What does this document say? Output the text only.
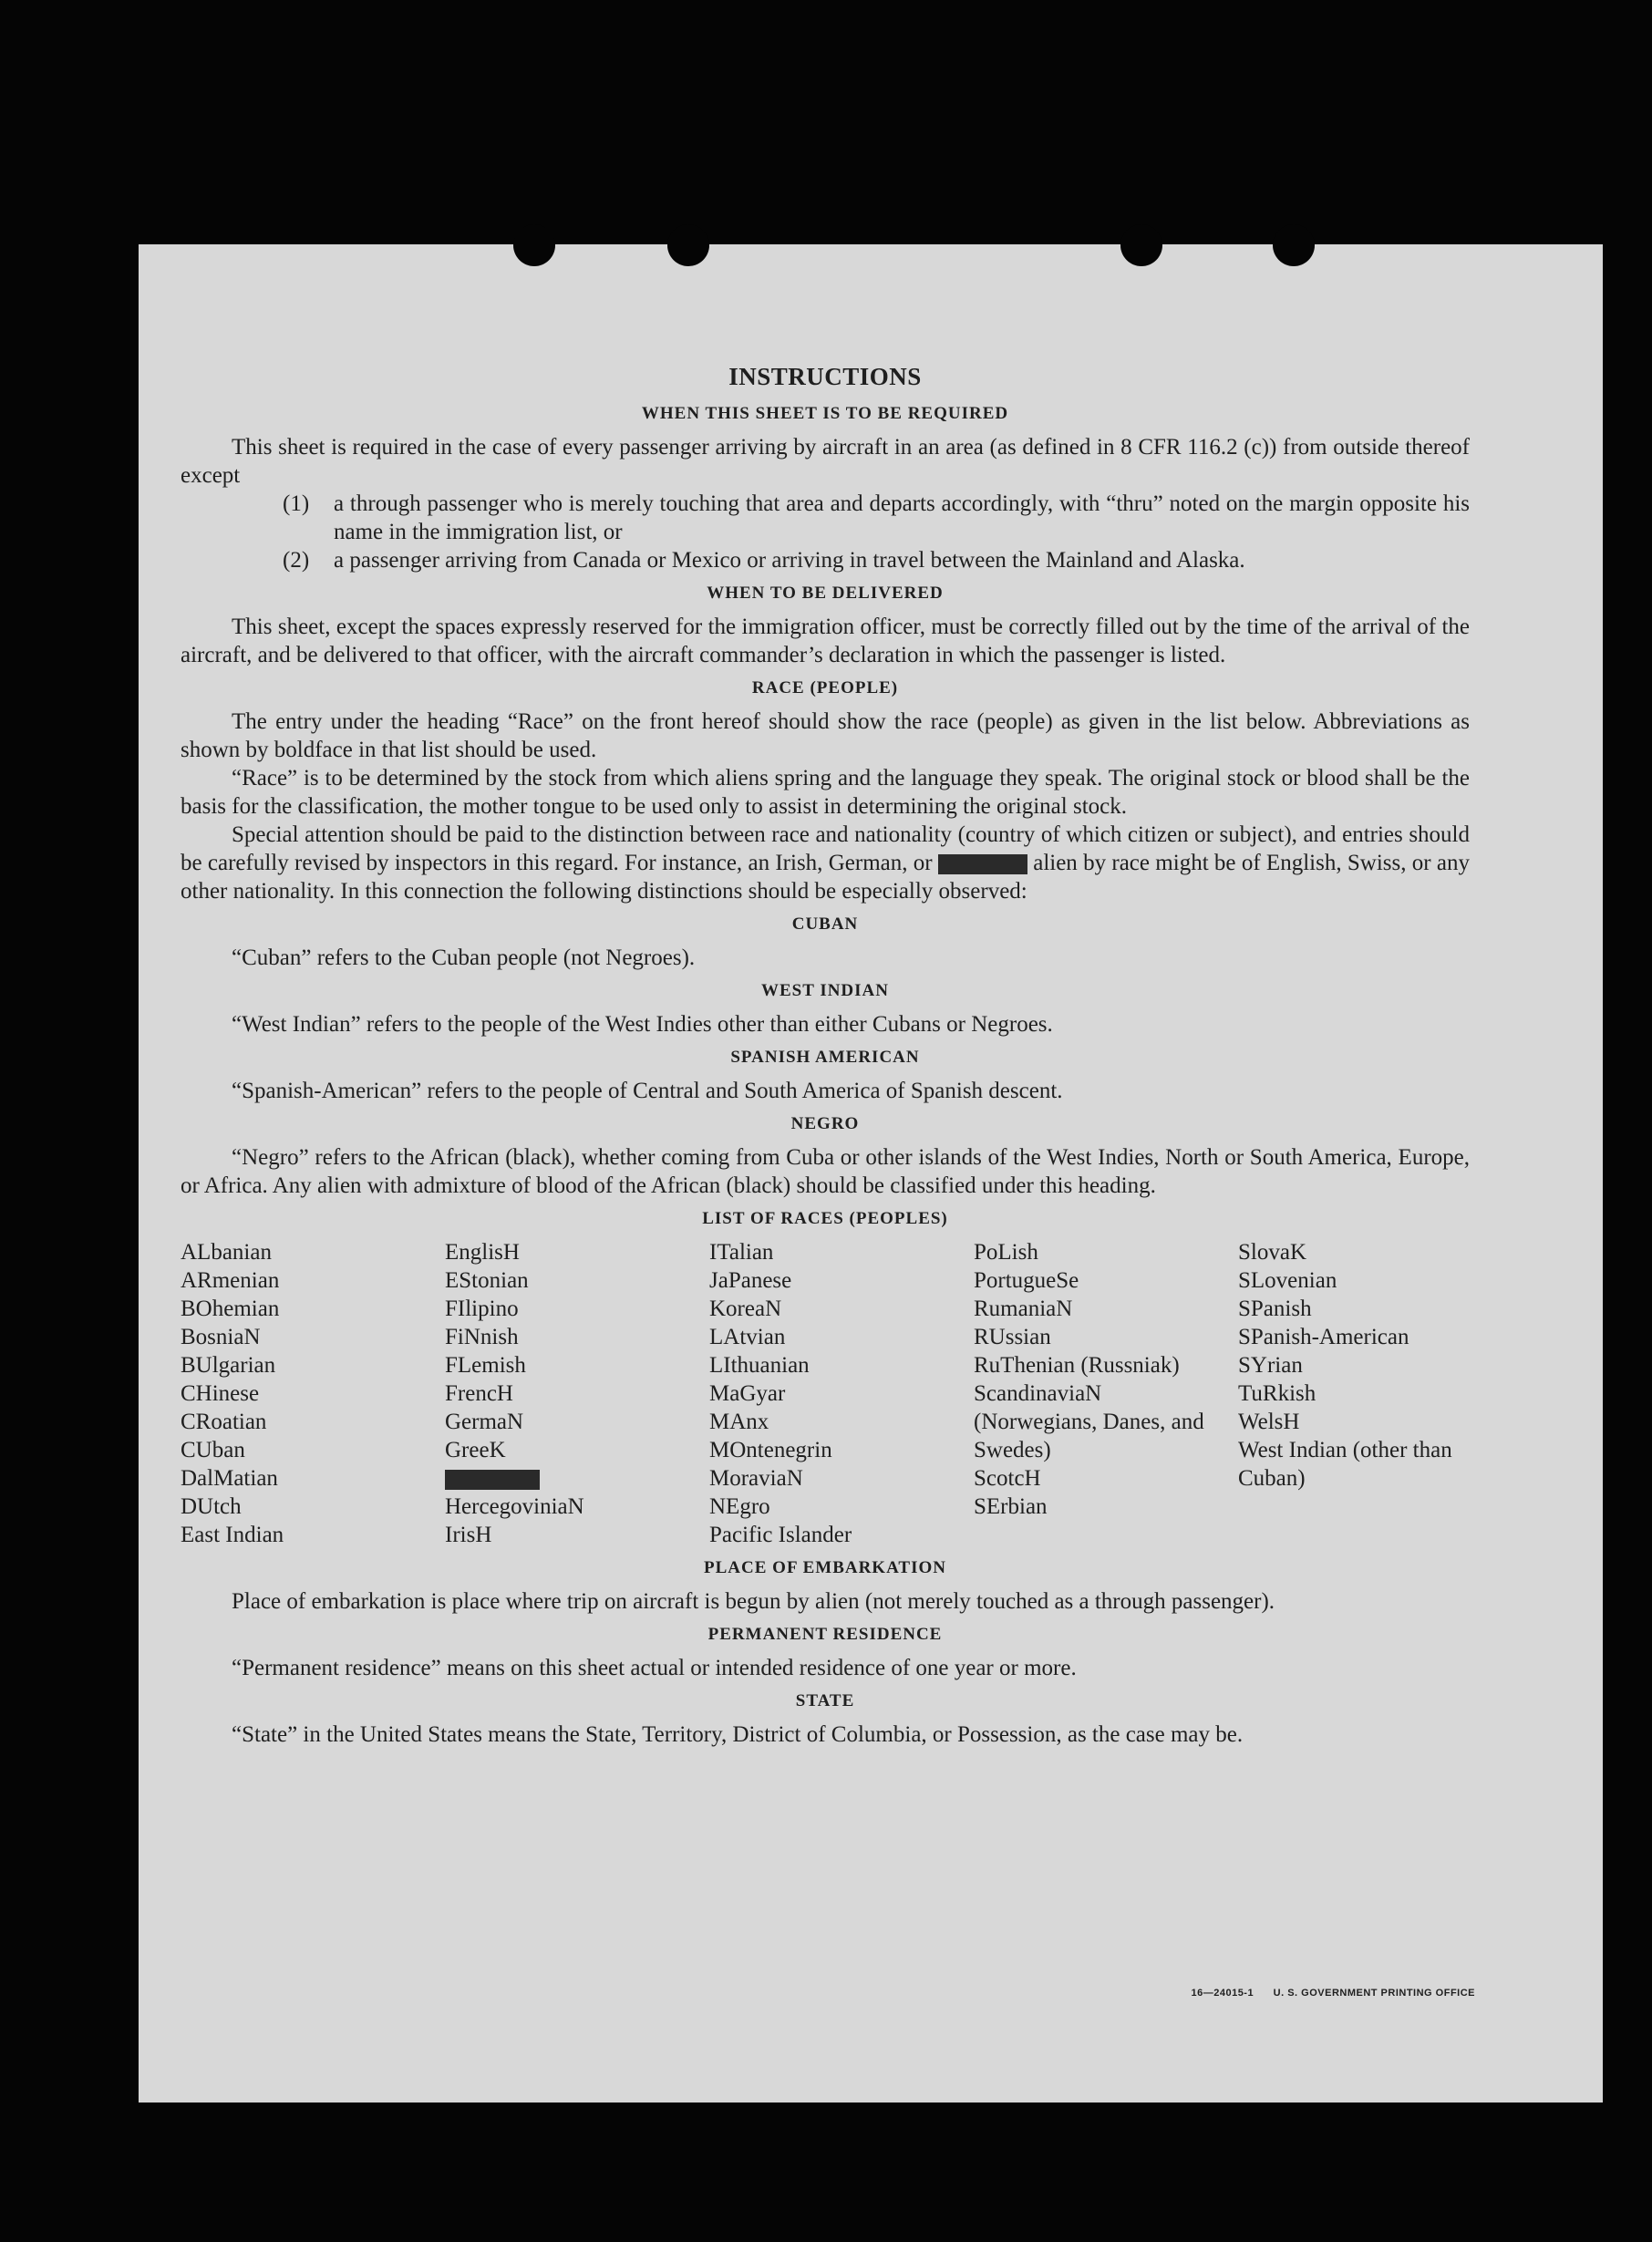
INSTRUCTIONS
WHEN THIS SHEET IS TO BE REQUIRED

This sheet is required in the case of every passenger arriving by aircraft in an area (as defined in 8 CFR 116.2 (c)) from outside thereof except

(1)	a through passenger who is merely touching that area and departs accordingly, with “thru” noted on the margin opposite his name in the immigration list, or
(2)	a passenger arriving from Canada or Mexico or arriving in travel between the Mainland and Alaska.
WHEN TO BE DELIVERED

This sheet, except the spaces expressly reserved for the immigration officer, must be correctly filled out by the time of the arrival of the aircraft, and be delivered to that officer, with the aircraft commander’s declaration in which the passenger is listed.

RACE (PEOPLE)

The entry under the heading “Race” on the front hereof should show the race (people) as given in the list below. Abbreviations as shown by boldface in that list should be used.

“Race” is to be determined by the stock from which aliens spring and the language they speak. The original stock or blood shall be the basis for the classification, the mother tongue to be used only to assist in determining the original stock.

Special attention should be paid to the distinction between race and nationality (country of which citizen or subject), and entries should be carefully revised by inspectors in this regard. For instance, an Irish, German, or	alien by race might be of English, Swiss, or any other nationality. In this connection the following distinctions should be especially observed:

CUBAN

“Cuban” refers to the Cuban people (not Negroes).

WEST INDIAN

“West Indian” refers to the people of the West Indies other than either Cubans or Negroes.

SPANISH AMERICAN

“Spanish-American” refers to the people of Central and South America of Spanish descent.

NEGRO

“Negro” refers to the African (black), whether coming from Cuba or other islands of the West Indies, North or South America, Europe, or Africa. Any alien with admixture of blood of the African (black) should be classified under this heading.

LIST OF RACES (PEOPLES)
ALbanian
ARmenian
BOhemian
BosniaN
BUlgarian
CHinese
CRoatian
CUban
DalMatian
DUtch
East Indian
EnglisH
EStonian
FIlipino
FiNnish
FLemish
FrencH
GermaN
GreeK
HercegoviniaN
IrisH
ITalian
JaPanese
KoreaN
LAtvian
LIthuanian
MaGyar
MAnx
MOntenegrin
MoraviaN
NEgro
Pacific Islander
PoLish
PortugueSe
RumaniaN
RUssian
RuThenian (Russniak)
ScandinaviaN (Norwegians, Danes, and Swedes)
ScotcH
SErbian
SlovaK
SLovenian
SPanish
SPanish-American
SYrian
TuRkish
WelsH
West Indian (other than Cuban)
PLACE OF EMBARKATION

Place of embarkation is place where trip on aircraft is begun by alien (not merely touched as a through passenger).

PERMANENT RESIDENCE

“Permanent residence” means on this sheet actual or intended residence of one year or more.

STATE

“State” in the United States means the State, Territory, District of Columbia, or Possession, as the case may be.

16—24015-1 U. S. GOVERNMENT PRINTING OFFICE
